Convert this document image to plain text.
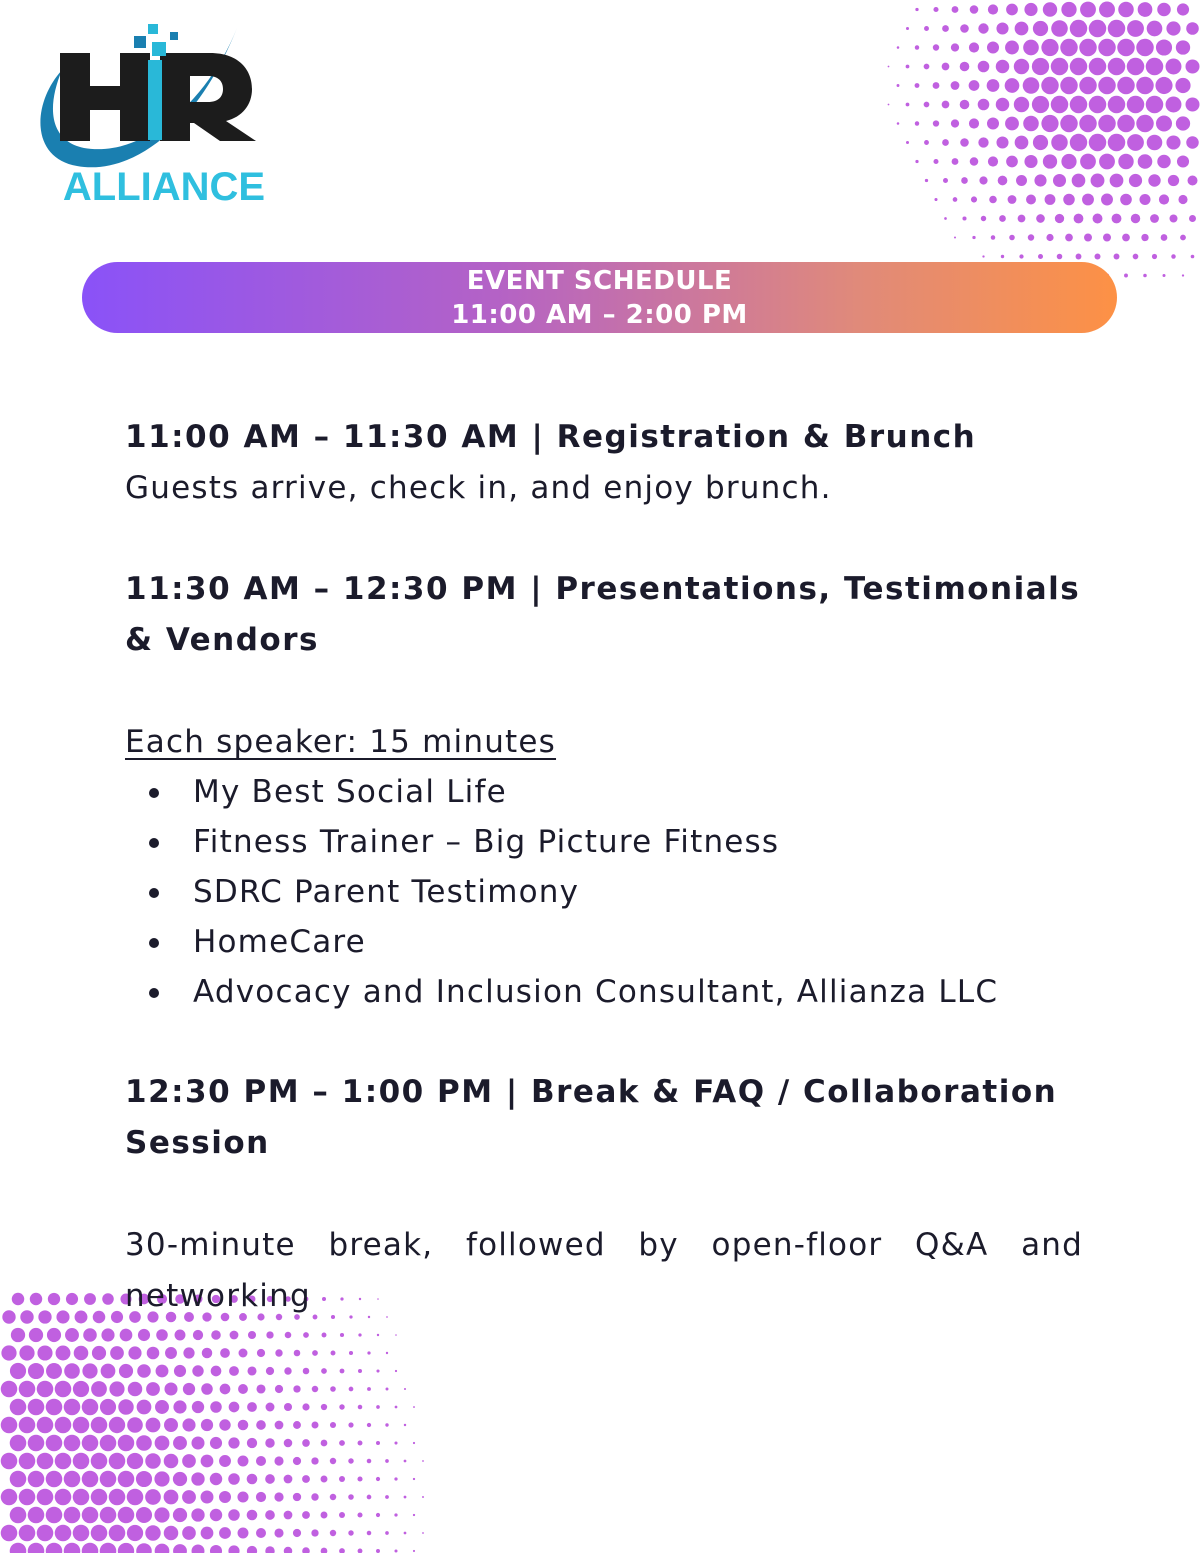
ALLIANCE
EVENT SCHEDULE
11:00 AM – 2:00 PM

11:00 AM – 11:30 AM | Registration & Brunch

Guests arrive, check in, and enjoy brunch.

11:30 AM – 12:30 PM | Presentations, Testimonials & Vendors

Each speaker: 15 minutes

My Best Social Life
Fitness Trainer – Big Picture Fitness
SDRC Parent Testimony
HomeCare
Advocacy and Inclusion Consultant, Allianza LLC

12:30 PM – 1:00 PM | Break & FAQ / Collaboration Session

30-minute break, followed by open-floor Q&A and networking
